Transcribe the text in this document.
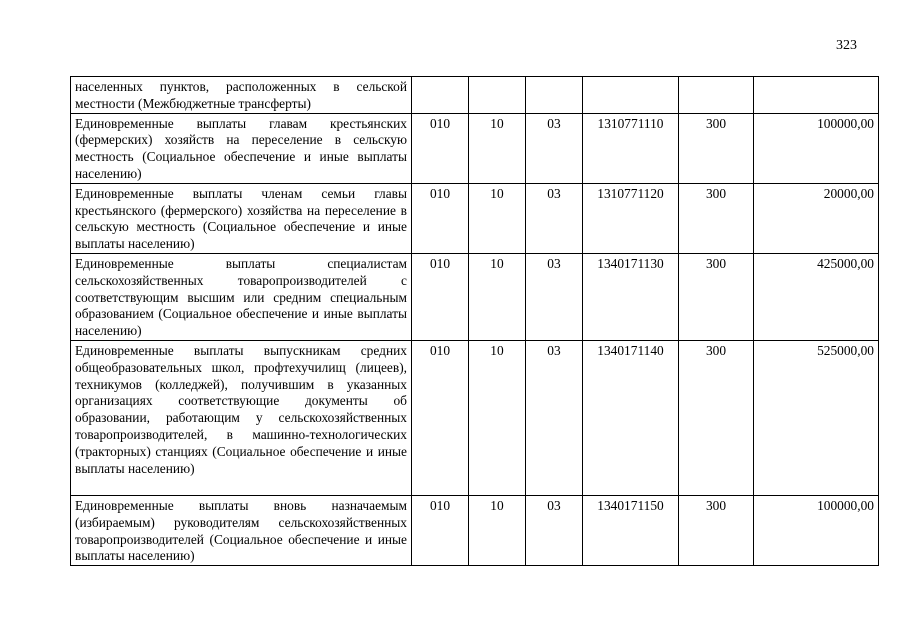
323
населенных пунктов, расположенных в сельской местности (Межбюджетные трансферты)						
Единовременные выплаты главам крестьянских (фермерских) хозяйств на переселение в сельскую местность (Социальное обеспечение и иные выплаты населению)	010	10	03	1310771110	300	100000,00
Единовременные выплаты членам семьи главы крестьянского (фермерского) хозяйства на переселение в сельскую местность (Социальное обеспечение и иные выплаты населению)	010	10	03	1310771120	300	20000,00
Единовременные выплаты специалистам сельскохозяйственных товаропроизводителей с соответствующим высшим или средним специальным образованием (Социальное обеспечение и иные выплаты населению)	010	10	03	1340171130	300	425000,00
Единовременные выплаты выпускникам средних общеобразовательных школ, профтехучилищ (лицеев), техникумов (колледжей), получившим в указанных организациях соответствующие документы об образовании, работающим у сельскохозяйственных товаропроизводителей, в машинно-технологических (тракторных) станциях (Социальное обеспечение и иные выплаты населению)	010	10	03	1340171140	300	525000,00
Единовременные выплаты вновь назначаемым (избираемым) руководителям сельскохозяйственных товаропроизводителей (Социальное обеспечение и иные выплаты населению)	010	10	03	1340171150	300	100000,00
